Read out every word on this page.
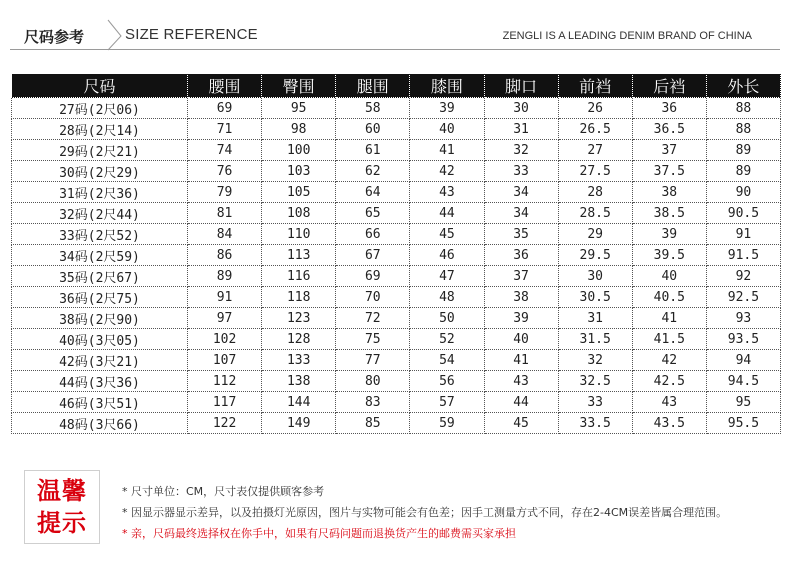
尺码参考	SIZE REFERENCE	ZENGLI IS A LEADING DENIM BRAND OF CHINA
尺码	腰围	臀围	腿围	膝围	脚口	前裆	后裆	外长
27码(2尺06)	69	95	58	39	30	26	36	88
28码(2尺14)	71	98	60	40	31	26.5	36.5	88
29码(2尺21)	74	100	61	41	32	27	37	89
30码(2尺29)	76	103	62	42	33	27.5	37.5	89
31码(2尺36)	79	105	64	43	34	28	38	90
32码(2尺44)	81	108	65	44	34	28.5	38.5	90.5
33码(2尺52)	84	110	66	45	35	29	39	91
34码(2尺59)	86	113	67	46	36	29.5	39.5	91.5
35码(2尺67)	89	116	69	47	37	30	40	92
36码(2尺75)	91	118	70	48	38	30.5	40.5	92.5
38码(2尺90)	97	123	72	50	39	31	41	93
40码(3尺05)	102	128	75	52	40	31.5	41.5	93.5
42码(3尺21)	107	133	77	54	41	32	42	94
44码(3尺36)	112	138	80	56	43	32.5	42.5	94.5
46码(3尺51)	117	144	83	57	44	33	43	95
48码(3尺66)	122	149	85	59	45	33.5	43.5	95.5
温馨
提示
* 尺寸单位：CM，尺寸表仅提供顾客参考
* 因显示器显示差异，以及拍摄灯光原因，图片与实物可能会有色差；因手工测量方式不同，存在2-4CM误差皆属合理范围。
* 亲，尺码最终选择权在你手中，如果有尺码问题而退换货产生的邮费需买家承担
